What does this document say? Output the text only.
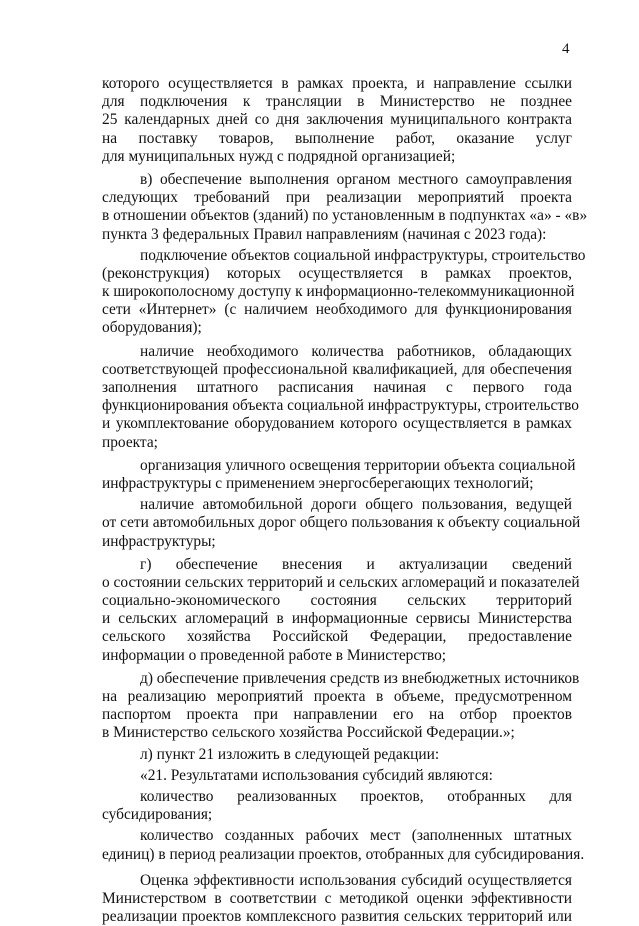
4
которого осуществляется в рамках проекта, и направление ссылки
для подключения к трансляции в Министерство не позднее
25 календарных дней со дня заключения муниципального контракта
на поставку товаров, выполнение работ, оказание услуг
для муниципальных нужд с подрядной организацией;
в) обеспечение выполнения органом местного самоуправления
следующих требований при реализации мероприятий проекта
в отношении объектов (зданий) по установленным в подпунктах «а» - «в»
пункта 3 федеральных Правил направлениям (начиная с 2023 года):
подключение объектов социальной инфраструктуры, строительство
(реконструкция) которых осуществляется в рамках проектов,
к широкополосному доступу к информационно-телекоммуникационной
сети «Интернет» (с наличием необходимого для функционирования
оборудования);
наличие необходимого количества работников, обладающих
соответствующей профессиональной квалификацией, для обеспечения
заполнения штатного расписания начиная с первого года
функционирования объекта социальной инфраструктуры, строительство
и укомплектование оборудованием которого осуществляется в рамках
проекта;
организация уличного освещения территории объекта социальной
инфраструктуры с применением энергосберегающих технологий;
наличие автомобильной дороги общего пользования, ведущей
от сети автомобильных дорог общего пользования к объекту социальной
инфраструктуры;
г) обеспечение внесения и актуализации сведений
о состоянии сельских территорий и сельских агломераций и показателей
социально-экономического состояния сельских территорий
и сельских агломераций в информационные сервисы Министерства
сельского хозяйства Российской Федерации, предоставление
информации о проведенной работе в Министерство;
д) обеспечение привлечения средств из внебюджетных источников
на реализацию мероприятий проекта в объеме, предусмотренном
паспортом проекта при направлении его на отбор проектов
в Министерство сельского хозяйства Российской Федерации.»;
л) пункт 21 изложить в следующей редакции:
«21. Результатами использования субсидий являются:
количество реализованных проектов, отобранных для
субсидирования;
количество созданных рабочих мест (заполненных штатных
единиц) в период реализации проектов, отобранных для субсидирования.
Оценка эффективности использования субсидий осуществляется
Министерством в соответствии с методикой оценки эффективности
реализации проектов комплексного развития сельских территорий или
